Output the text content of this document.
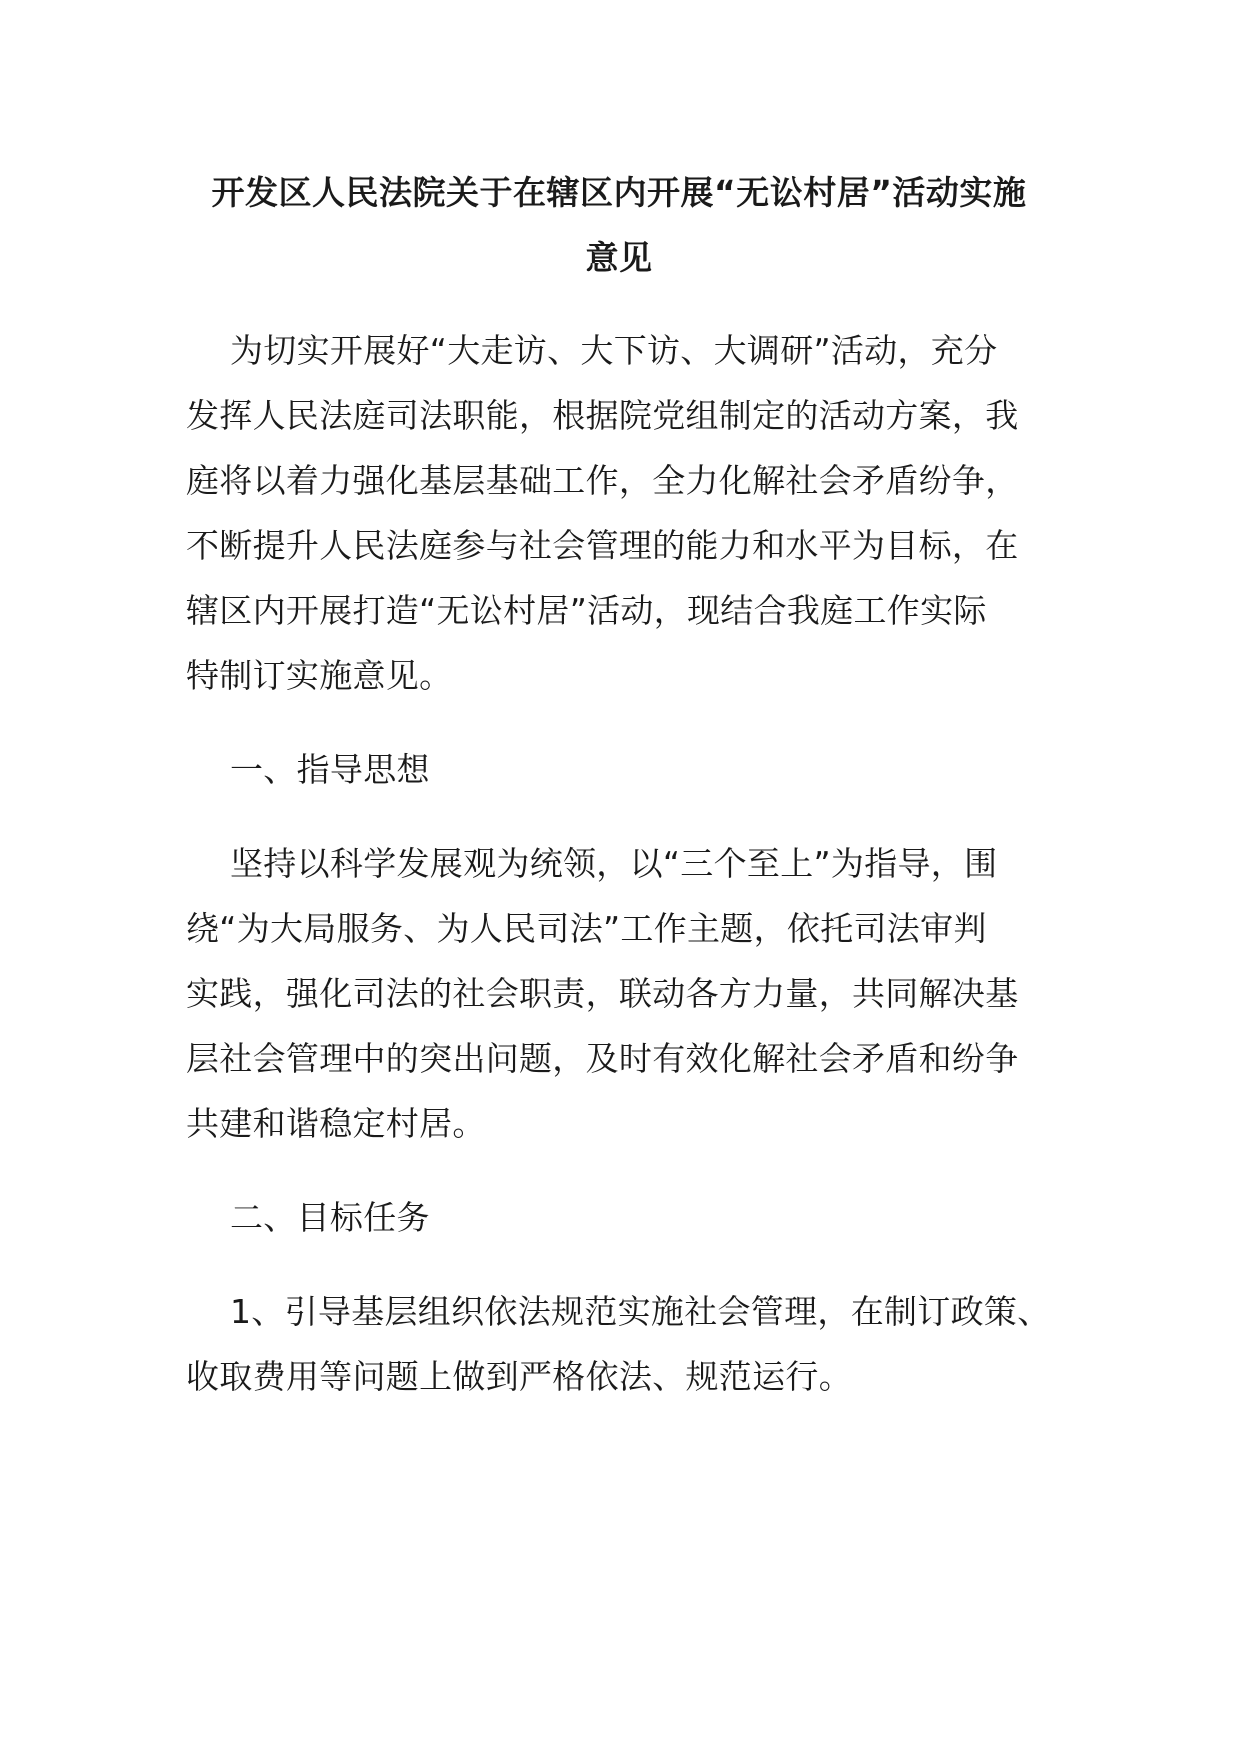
开发区人民法院关于在辖区内开展“无讼村居”活动实施
意见

为切实开展好“大走访、大下访、大调研”活动，充分
发挥人民法庭司法职能，根据院党组制定的活动方案，我
庭将以着力强化基层基础工作，全力化解社会矛盾纷争，
不断提升人民法庭参与社会管理的能力和水平为目标，在
辖区内开展打造“无讼村居”活动，现结合我庭工作实际
特制订实施意见。

一、指导思想

坚持以科学发展观为统领，以“三个至上”为指导，围
绕“为大局服务、为人民司法”工作主题，依托司法审判
实践，强化司法的社会职责，联动各方力量，共同解决基
层社会管理中的突出问题，及时有效化解社会矛盾和纷争
共建和谐稳定村居。

二、目标任务

1、引导基层组织依法规范实施社会管理，在制订政策、
收取费用等问题上做到严格依法、规范运行。
